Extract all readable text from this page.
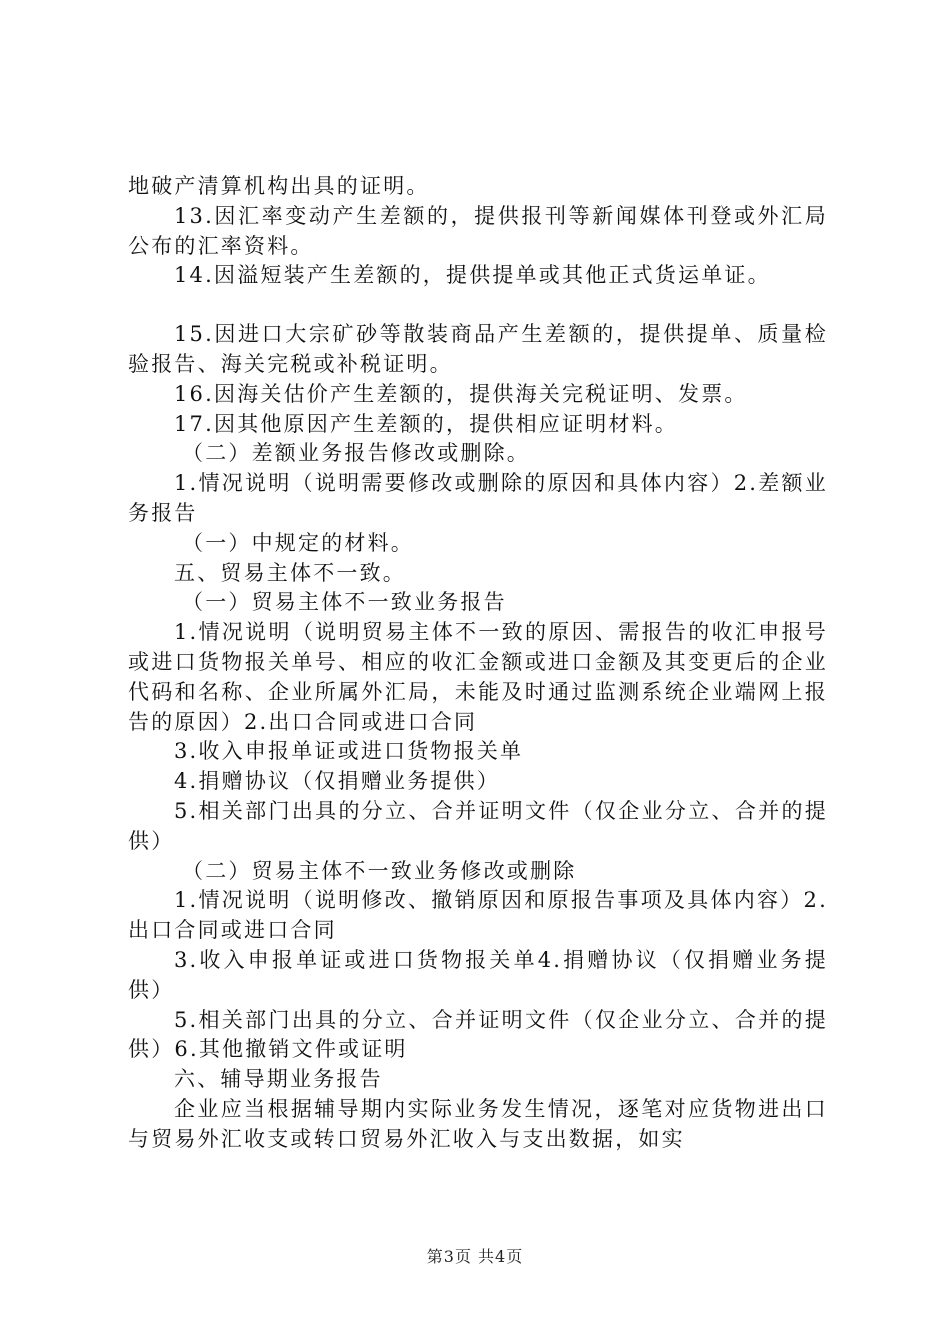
地破产清算机构出具的证明。

13.因汇率变动产生差额的，提供报刊等新闻媒体刊登或外汇局公布的汇率资料。

14.因溢短装产生差额的，提供提单或其他正式货运单证。

15.因进口大宗矿砂等散装商品产生差额的，提供提单、质量检验报告、海关完税或补税证明。

16.因海关估价产生差额的，提供海关完税证明、发票。

17.因其他原因产生差额的，提供相应证明材料。

（二）差额业务报告修改或删除。

1.情况说明（说明需要修改或删除的原因和具体内容）2.差额业务报告

（一）中规定的材料。

五、贸易主体不一致。

（一）贸易主体不一致业务报告

1.情况说明（说明贸易主体不一致的原因、需报告的收汇申报号或进口货物报关单号、相应的收汇金额或进口金额及其变更后的企业代码和名称、企业所属外汇局，未能及时通过监测系统企业端网上报告的原因）2.出口合同或进口合同

3.收入申报单证或进口货物报关单

4.捐赠协议（仅捐赠业务提供）

5.相关部门出具的分立、合并证明文件（仅企业分立、合并的提供）

（二）贸易主体不一致业务修改或删除

1.情况说明（说明修改、撤销原因和原报告事项及具体内容）2.出口合同或进口合同

3.收入申报单证或进口货物报关单4.捐赠协议（仅捐赠业务提供）

5.相关部门出具的分立、合并证明文件（仅企业分立、合并的提供）6.其他撤销文件或证明

六、辅导期业务报告

企业应当根据辅导期内实际业务发生情况，逐笔对应货物进出口与贸易外汇收支或转口贸易外汇收入与支出数据，如实

第3页 共4页
